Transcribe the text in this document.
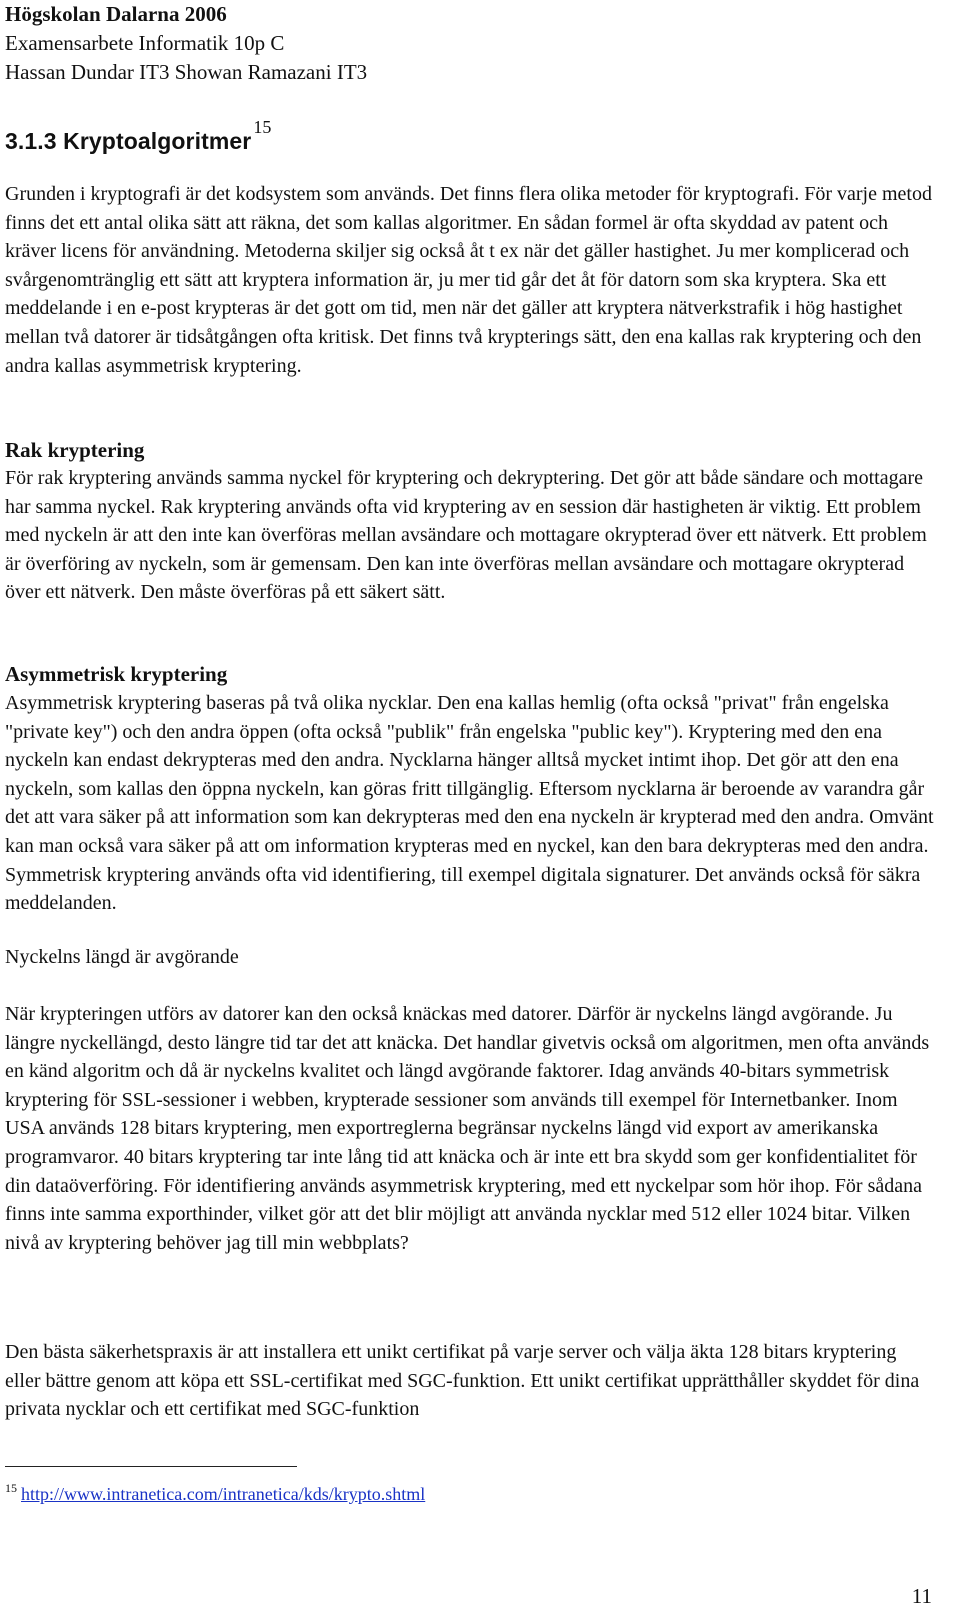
Högskolan Dalarna 2006
Examensarbete Informatik 10p C
Hassan Dundar IT3 Showan Ramazani IT3
3.1.3 Kryptoalgoritmer$^{15}$
Grunden i kryptografi är det kodsystem som används. Det finns flera olika metoder för kryptografi. För varje metod finns det ett antal olika sätt att räkna, det som kallas algoritmer. En sådan formel är ofta skyddad av patent och kräver licens för användning. Metoderna skiljer sig också åt t ex när det gäller hastighet. Ju mer komplicerad och svårgenomtränglig ett sätt att kryptera information är, ju mer tid går det åt för datorn som ska kryptera. Ska ett meddelande i en e-post krypteras är det gott om tid, men när det gäller att kryptera nätverkstrafik i hög hastighet mellan två datorer är tidsåtgången ofta kritisk. Det finns två krypterings sätt, den ena kallas rak kryptering och den andra kallas asymmetrisk kryptering.
Rak kryptering
För rak kryptering används samma nyckel för kryptering och dekryptering. Det gör att både sändare och mottagare har samma nyckel. Rak kryptering används ofta vid kryptering av en session där hastigheten är viktig. Ett problem med nyckeln är att den inte kan överföras mellan avsändare och mottagare okrypterad över ett nätverk. Ett problem är överföring av nyckeln, som är gemensam. Den kan inte överföras mellan avsändare och mottagare okrypterad över ett nätverk. Den måste överföras på ett säkert sätt.
Asymmetrisk kryptering
Asymmetrisk kryptering baseras på två olika nycklar. Den ena kallas hemlig (ofta också "privat" från engelska "private key") och den andra öppen (ofta också "publik" från engelska "public key"). Kryptering med den ena nyckeln kan endast dekrypteras med den andra. Nycklarna hänger alltså mycket intimt ihop. Det gör att den ena nyckeln, som kallas den öppna nyckeln, kan göras fritt tillgänglig. Eftersom nycklarna är beroende av varandra går det att vara säker på att information som kan dekrypteras med den ena nyckeln är krypterad med den andra. Omvänt kan man också vara säker på att om information krypteras med en nyckel, kan den bara dekrypteras med den andra. Symmetrisk kryptering används ofta vid identifiering, till exempel digitala signaturer. Det används också för säkra meddelanden.
Nyckelns längd är avgörande
När krypteringen utförs av datorer kan den också knäckas med datorer. Därför är nyckelns längd avgörande. Ju längre nyckellängd, desto längre tid tar det att knäcka. Det handlar givetvis också om algoritmen, men ofta används en känd algoritm och då är nyckelns kvalitet och längd avgörande faktorer. Idag används 40-bitars symmetrisk kryptering för SSL-sessioner i webben, krypterade sessioner som används till exempel för Internetbanker. Inom USA används 128 bitars kryptering, men exportreglerna begränsar nyckelns längd vid export av amerikanska programvaror. 40 bitars kryptering tar inte lång tid att knäcka och är inte ett bra skydd som ger konfidentialitet för din dataöverföring. För identifiering används asymmetrisk kryptering, med ett nyckelpar som hör ihop. För sådana finns inte samma exporthinder, vilket gör att det blir möjligt att använda nycklar med 512 eller 1024 bitar. Vilken nivå av kryptering behöver jag till min webbplats?
Den bästa säkerhetspraxis är att installera ett unikt certifikat på varje server och välja äkta 128 bitars kryptering eller bättre genom att köpa ett SSL-certifikat med SGC-funktion. Ett unikt certifikat upprätthåller skyddet för dina privata nycklar och ett certifikat med SGC-funktion
$^{15}$ http://www.intranetica.com/intranetica/kds/krypto.shtml
11
